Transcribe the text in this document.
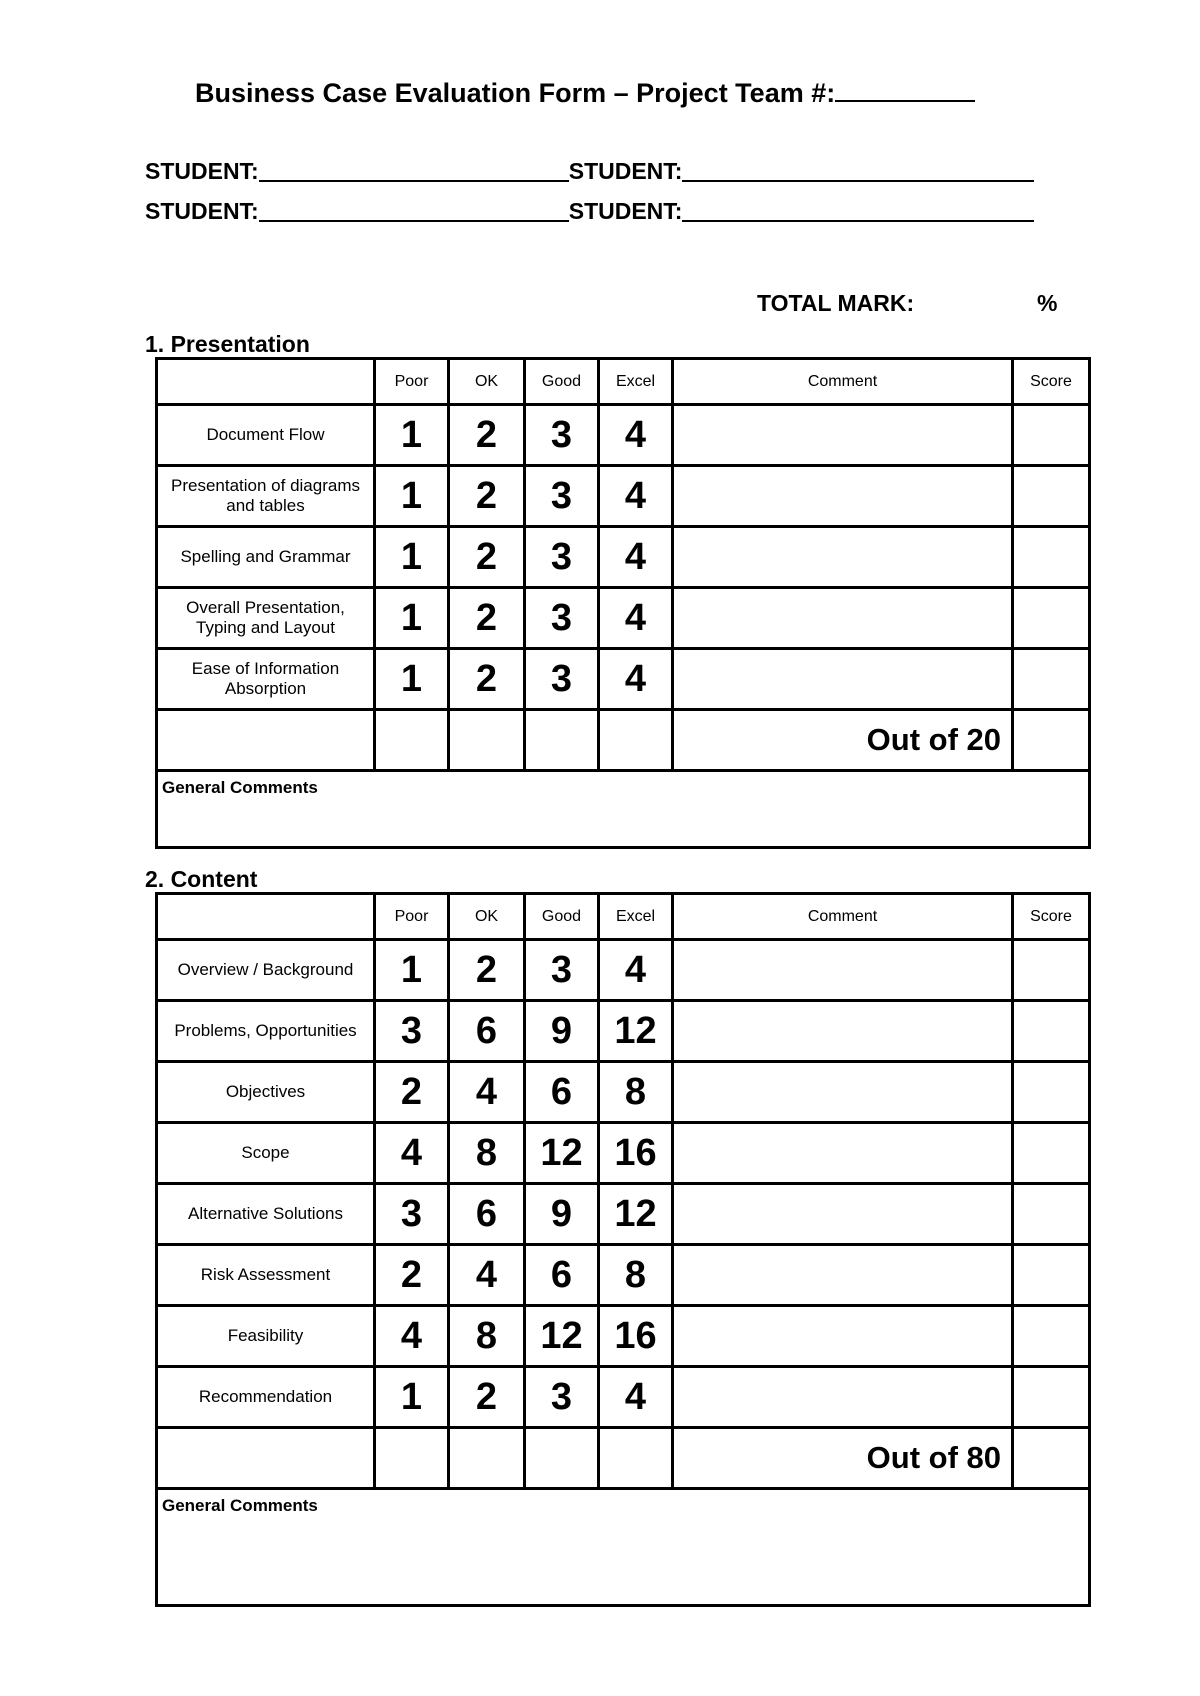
Business Case Evaluation Form – Project Team #:
STUDENT:	STUDENT:
STUDENT:	STUDENT:
TOTAL MARK:	%
1. Presentation
	Poor	OK	Good	Excel	Comment	Score
Document Flow	1	2	3	4		
Presentation of diagrams and tables	1	2	3	4		
Spelling and Grammar	1	2	3	4		
Overall Presentation, Typing and Layout	1	2	3	4		
Ease of Information Absorption	1	2	3	4		
					Out of 20	
General Comments						
2. Content
	Poor	OK	Good	Excel	Comment	Score
Overview / Background	1	2	3	4		
Problems, Opportunities	3	6	9	12		
Objectives	2	4	6	8		
Scope	4	8	12	16		
Alternative Solutions	3	6	9	12		
Risk Assessment	2	4	6	8		
Feasibility	4	8	12	16		
Recommendation	1	2	3	4		
					Out of 80	
General Comments						
